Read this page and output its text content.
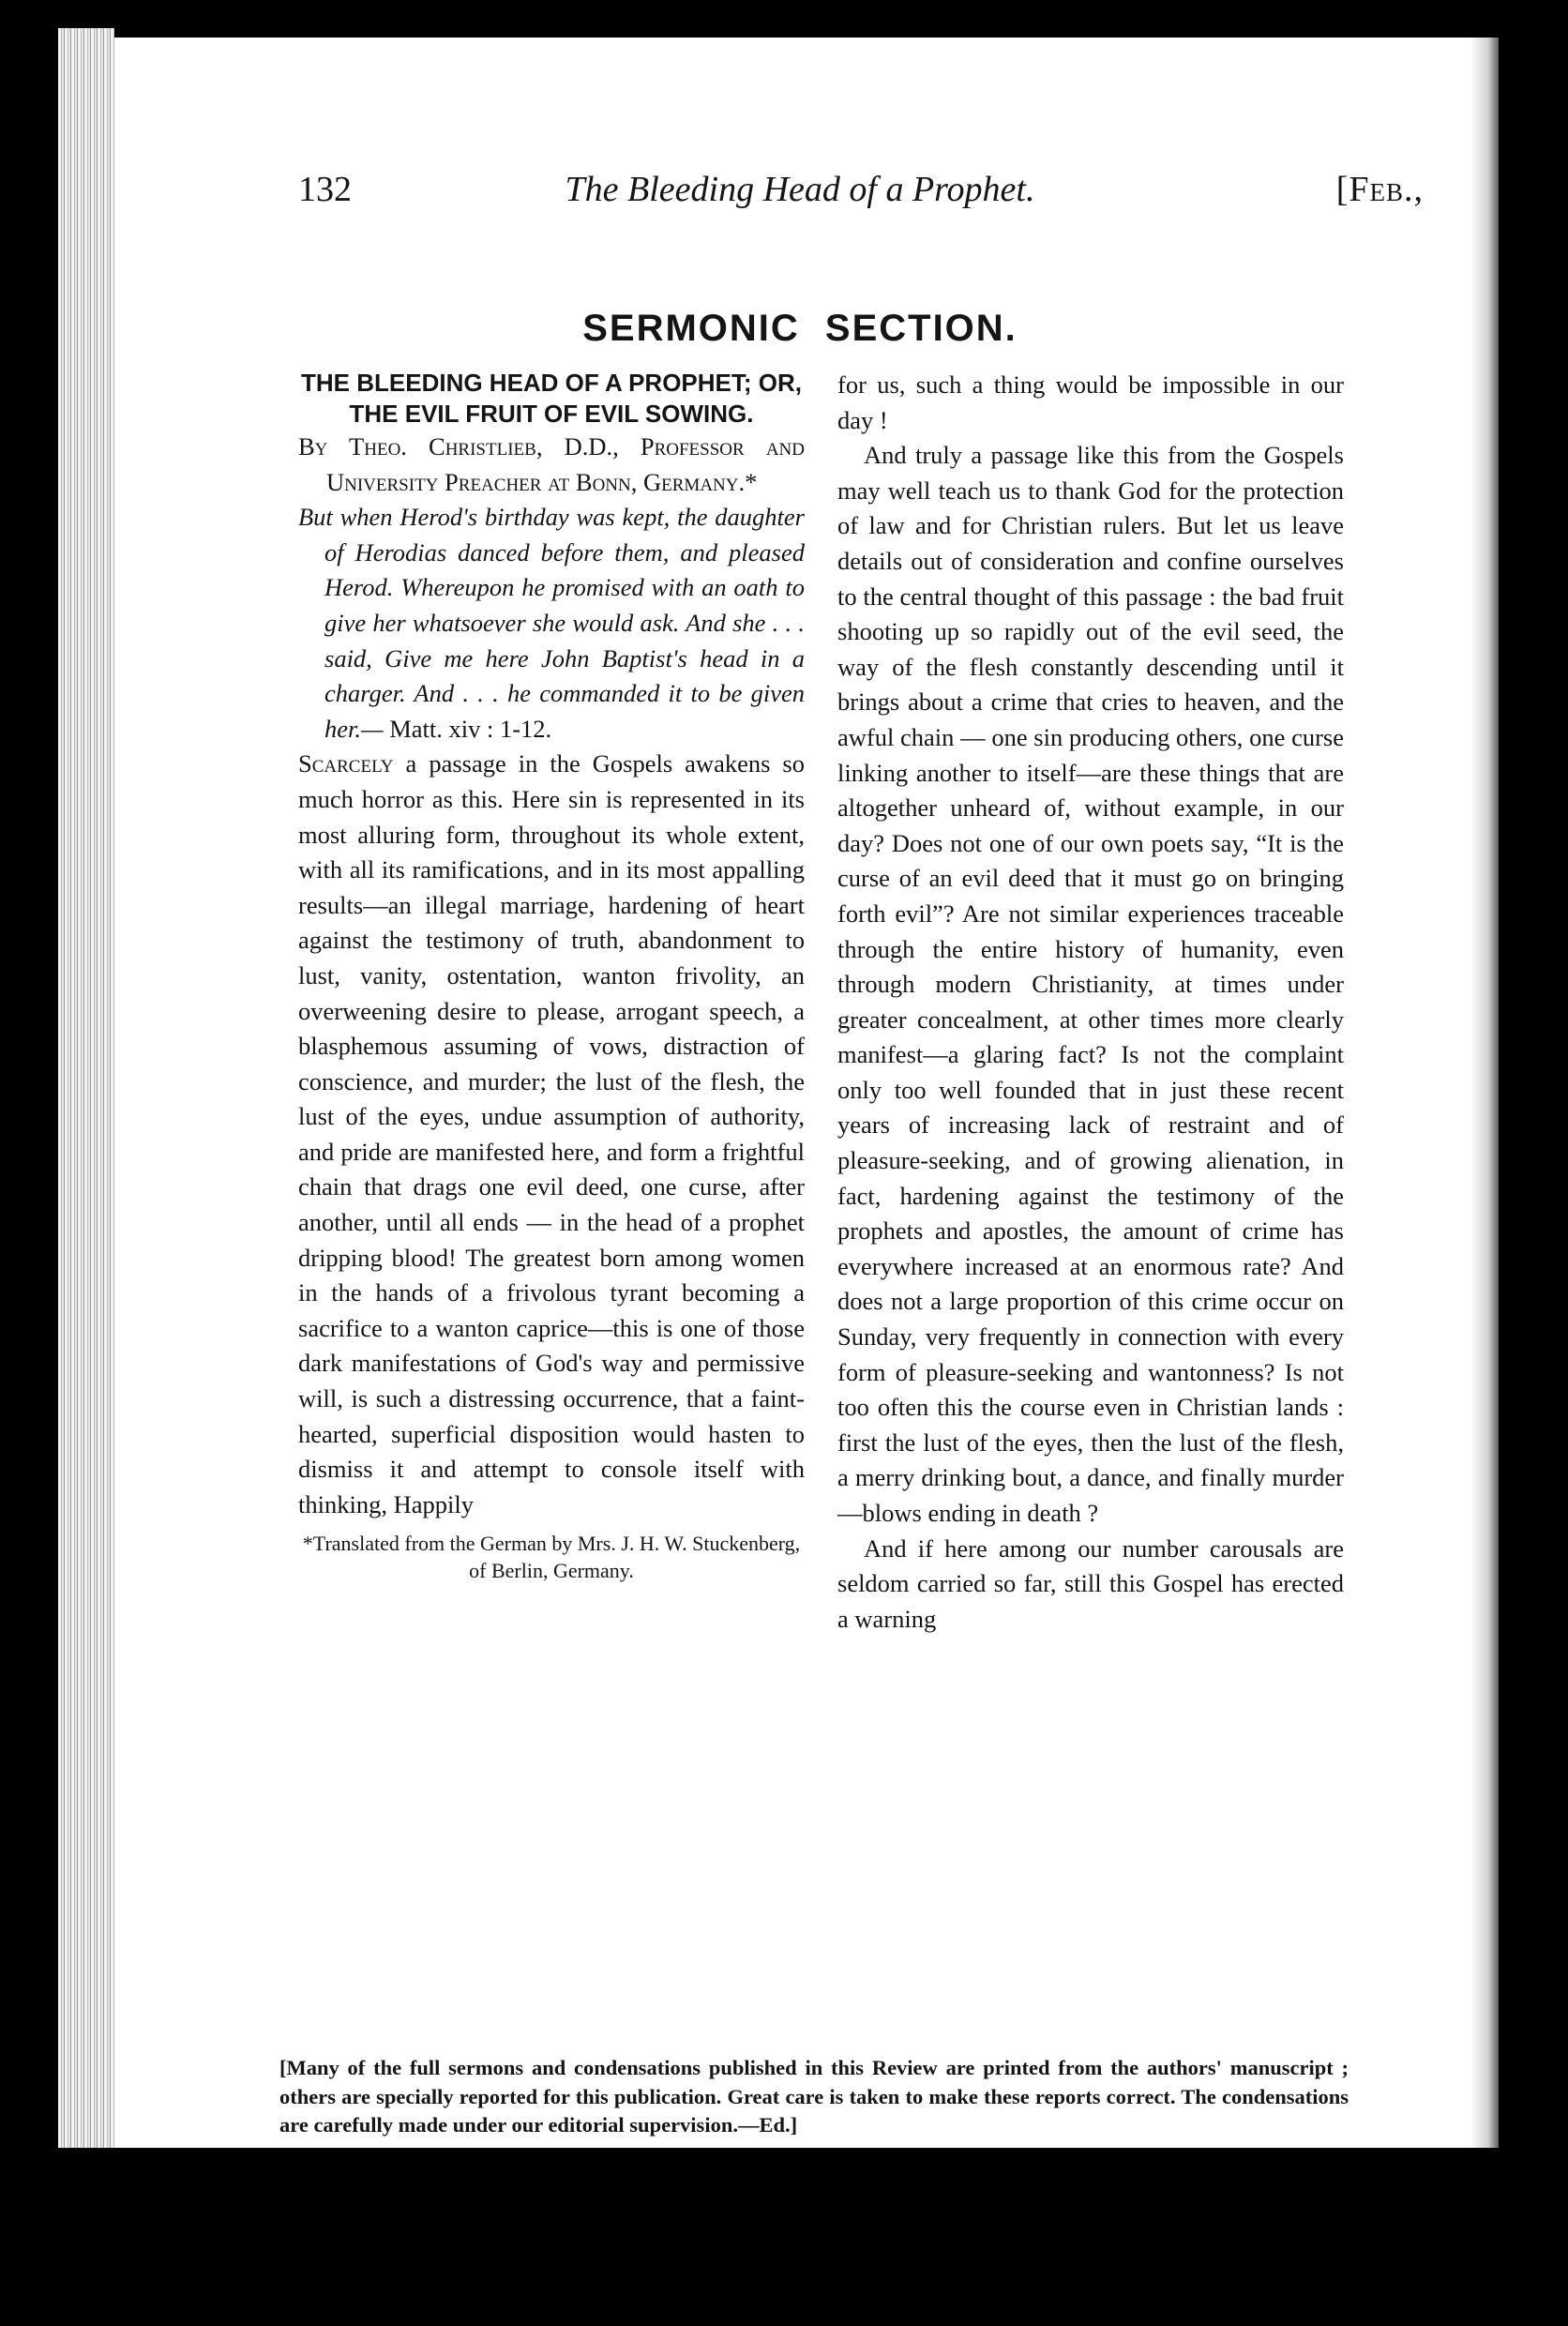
132	The Bleeding Head of a Prophet.	[Feb.,
SERMONIC SECTION.

THE BLEEDING HEAD OF A PROPHET; OR, THE EVIL FRUIT OF EVIL SOWING.

By Theo. Christlieb, D.D., Professor and University Preacher at Bonn, Germany.*

But when Herod's birthday was kept, the daughter of Herodias danced before them, and pleased Herod. Whereupon he promised with an oath to give her whatsoever she would ask. And she . . . said, Give me here John Baptist's head in a charger. And . . . he commanded it to be given her.— Matt. xiv : 1-12.

Scarcely a passage in the Gospels awakens so much horror as this. Here sin is represented in its most alluring form, throughout its whole extent, with all its ramifications, and in its most appalling results—an illegal marriage, hardening of heart against the testimony of truth, abandonment to lust, vanity, ostentation, wanton frivolity, an overweening desire to please, arrogant speech, a blasphemous assuming of vows, distraction of conscience, and murder; the lust of the flesh, the lust of the eyes, undue assumption of authority, and pride are manifested here, and form a frightful chain that drags one evil deed, one curse, after another, until all ends — in the head of a prophet dripping blood! The greatest born among women in the hands of a frivolous tyrant becoming a sacrifice to a wanton caprice—this is one of those dark manifestations of God's way and permissive will, is such a distressing occurrence, that a faint-hearted, superficial disposition would hasten to dismiss it and attempt to console itself with thinking, Happily

*Translated from the German by Mrs. J. H. W. Stuckenberg, of Berlin, Germany.

for us, such a thing would be impossible in our day !

And truly a passage like this from the Gospels may well teach us to thank God for the protection of law and for Christian rulers. But let us leave details out of consideration and confine ourselves to the central thought of this passage : the bad fruit shooting up so rapidly out of the evil seed, the way of the flesh constantly descending until it brings about a crime that cries to heaven, and the awful chain — one sin producing others, one curse linking another to itself—are these things that are altogether unheard of, without example, in our day? Does not one of our own poets say, “It is the curse of an evil deed that it must go on bringing forth evil”? Are not similar experiences traceable through the entire history of humanity, even through modern Christianity, at times under greater concealment, at other times more clearly manifest—a glaring fact? Is not the complaint only too well founded that in just these recent years of increasing lack of restraint and of pleasure-seeking, and of growing alienation, in fact, hardening against the testimony of the prophets and apostles, the amount of crime has everywhere increased at an enormous rate? And does not a large proportion of this crime occur on Sunday, very frequently in connection with every form of pleasure-seeking and wantonness? Is not too often this the course even in Christian lands : first the lust of the eyes, then the lust of the flesh, a merry drinking bout, a dance, and finally murder—blows ending in death ?

And if here among our number carousals are seldom carried so far, still this Gospel has erected a warning

[Many of the full sermons and condensations published in this Review are printed from the authors' manuscript ; others are specially reported for this publication. Great care is taken to make these reports correct. The condensations are carefully made under our editorial supervision.—Ed.]
